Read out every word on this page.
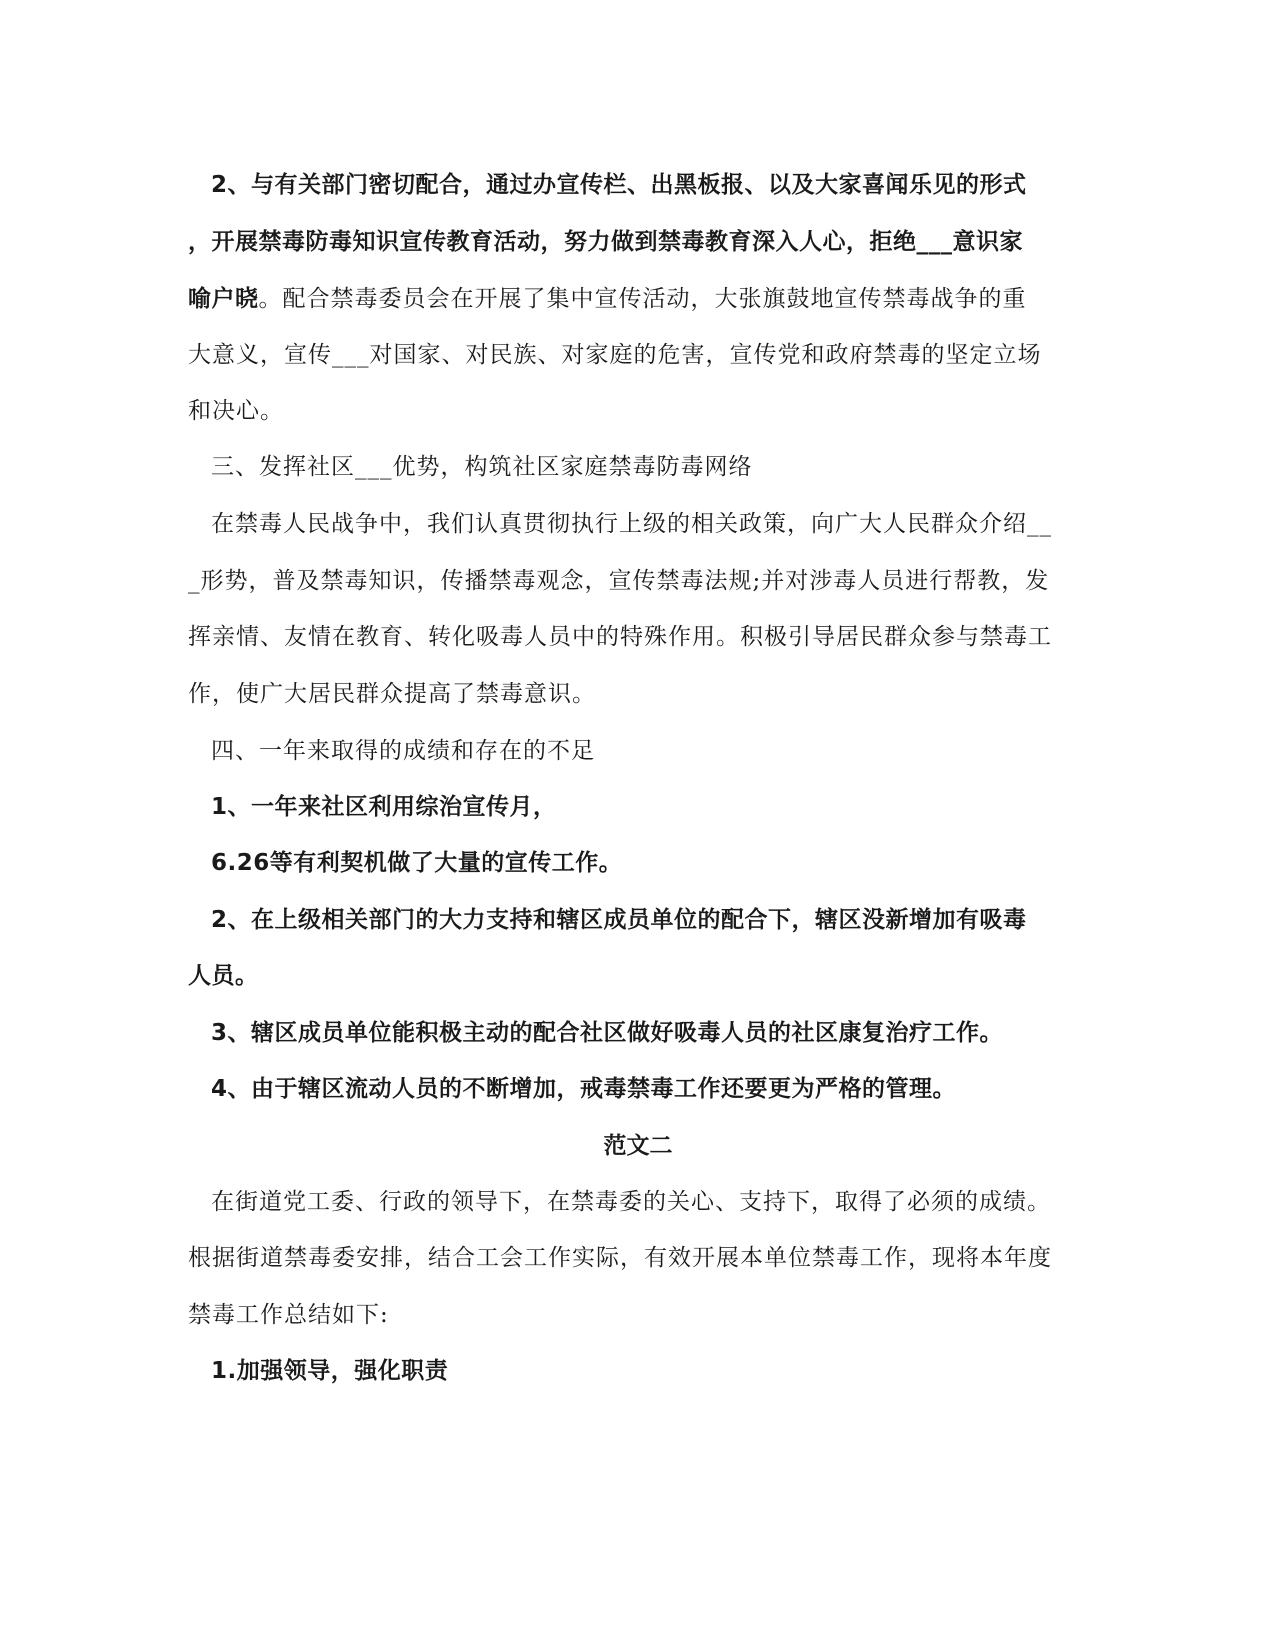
2、与有关部门密切配合，通过办宣传栏、出黑板报、以及大家喜闻乐见的形式
，开展禁毒防毒知识宣传教育活动，努力做到禁毒教育深入人心，拒绝___意识家
喻户晓。配合禁毒委员会在开展了集中宣传活动，大张旗鼓地宣传禁毒战争的重
大意义，宣传___对国家、对民族、对家庭的危害，宣传党和政府禁毒的坚定立场
和决心。
三、发挥社区___优势，构筑社区家庭禁毒防毒网络
在禁毒人民战争中，我们认真贯彻执行上级的相关政策，向广大人民群众介绍__
_形势，普及禁毒知识，传播禁毒观念，宣传禁毒法规;并对涉毒人员进行帮教，发
挥亲情、友情在教育、转化吸毒人员中的特殊作用。积极引导居民群众参与禁毒工
作，使广大居民群众提高了禁毒意识。
四、一年来取得的成绩和存在的不足
1、一年来社区利用综治宣传月，
6.26等有利契机做了大量的宣传工作。
2、在上级相关部门的大力支持和辖区成员单位的配合下，辖区没新增加有吸毒
人员。
3、辖区成员单位能积极主动的配合社区做好吸毒人员的社区康复治疗工作。
4、由于辖区流动人员的不断增加，戒毒禁毒工作还要更为严格的管理。
范文二
在街道党工委、行政的领导下，在禁毒委的关心、支持下，取得了必须的成绩。
根据街道禁毒委安排，结合工会工作实际，有效开展本单位禁毒工作，现将本年度
禁毒工作总结如下:
1.加强领导，强化职责
